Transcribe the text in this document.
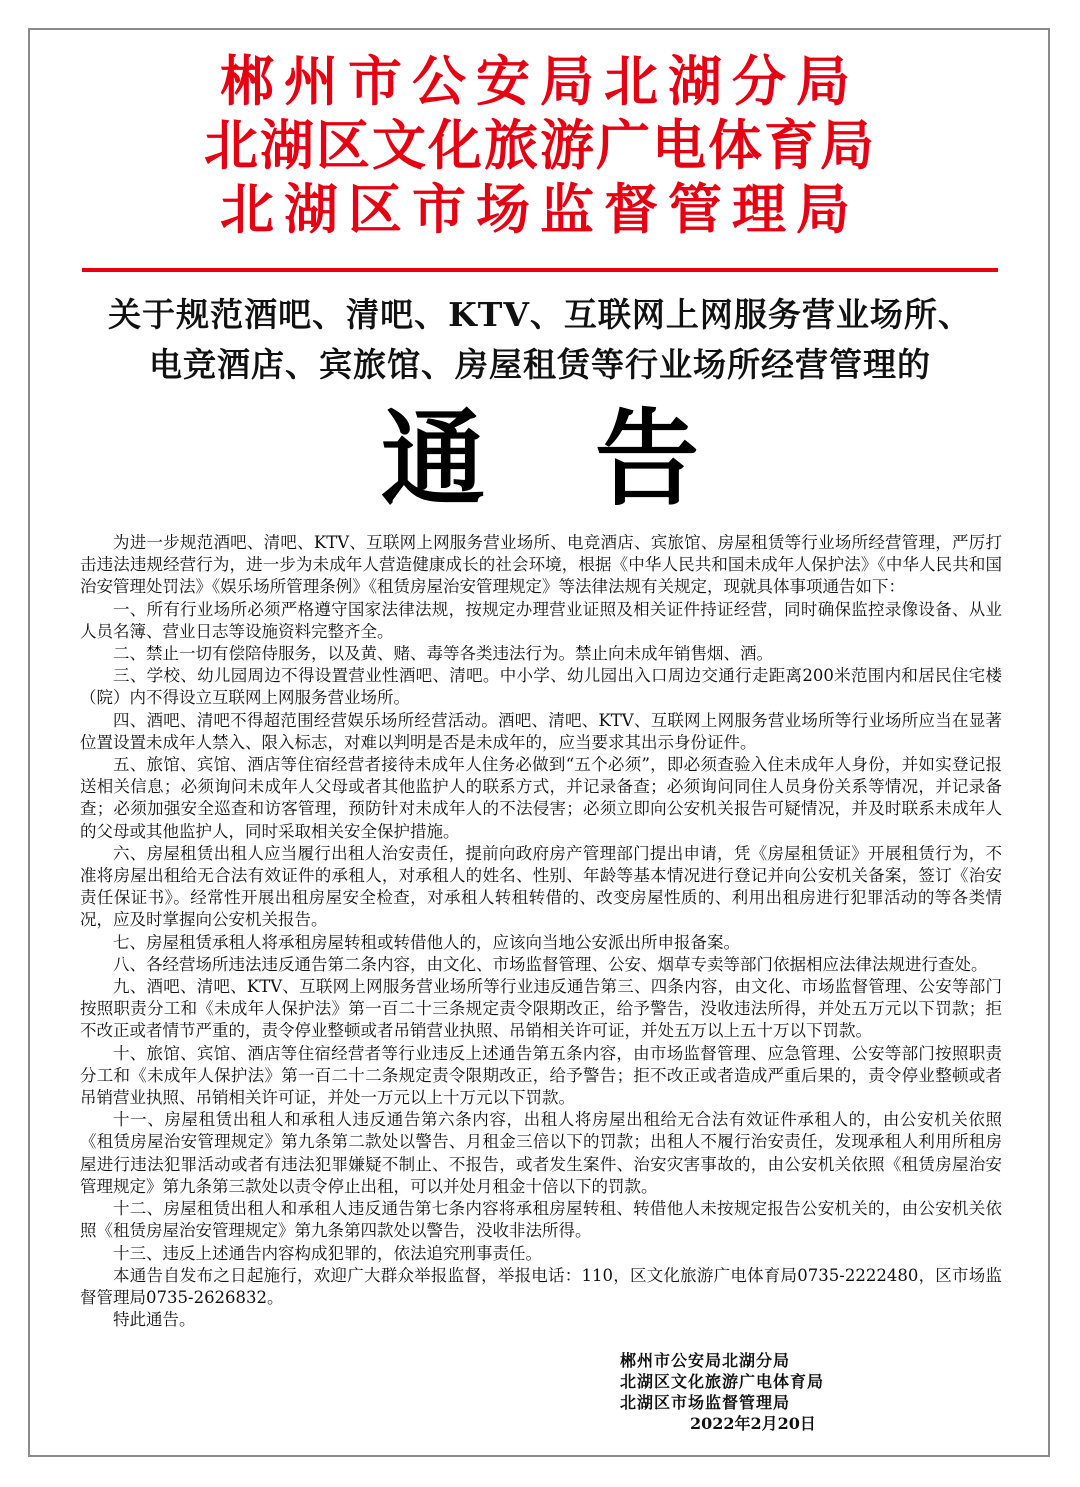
郴州市公安局北湖分局
北湖区文化旅游广电体育局
北湖区市场监督管理局
关于规范酒吧、清吧、KTV、互联网上网服务营业场所、
电竞酒店、宾旅馆、房屋租赁等行业场所经营管理的
通告

为进一步规范酒吧、清吧、KTV、互联网上网服务营业场所、电竞酒店、宾旅馆、房屋租赁等行业场所经营管理，严厉打击违法违规经营行为，进一步为未成年人营造健康成长的社会环境，根据《中华人民共和国未成年人保护法》《中华人民共和国治安管理处罚法》《娱乐场所管理条例》《租赁房屋治安管理规定》等法律法规有关规定，现就具体事项通告如下：

一、所有行业场所必须严格遵守国家法律法规，按规定办理营业证照及相关证件持证经营，同时确保监控录像设备、从业人员名簿、营业日志等设施资料完整齐全。

二、禁止一切有偿陪侍服务，以及黄、赌、毒等各类违法行为。禁止向未成年销售烟、酒。

三、学校、幼儿园周边不得设置营业性酒吧、清吧。中小学、幼儿园出入口周边交通行走距离200米范围内和居民住宅楼（院）内不得设立互联网上网服务营业场所。

四、酒吧、清吧不得超范围经营娱乐场所经营活动。酒吧、清吧、KTV、互联网上网服务营业场所等行业场所应当在显著位置设置未成年人禁入、限入标志，对难以判明是否是未成年的，应当要求其出示身份证件。

五、旅馆、宾馆、酒店等住宿经营者接待未成年人住务必做到“五个必须”，即必须查验入住未成年人身份，并如实登记报送相关信息；必须询问未成年人父母或者其他监护人的联系方式，并记录备查；必须询问同住人员身份关系等情况，并记录备查；必须加强安全巡查和访客管理，预防针对未成年人的不法侵害；必须立即向公安机关报告可疑情况，并及时联系未成年人的父母或其他监护人，同时采取相关安全保护措施。

六、房屋租赁出租人应当履行出租人治安责任，提前向政府房产管理部门提出申请，凭《房屋租赁证》开展租赁行为，不准将房屋出租给无合法有效证件的承租人，对承租人的姓名、性别、年龄等基本情况进行登记并向公安机关备案，签订《治安责任保证书》。经常性开展出租房屋安全检查，对承租人转租转借的、改变房屋性质的、利用出租房进行犯罪活动的等各类情况，应及时掌握向公安机关报告。

七、房屋租赁承租人将承租房屋转租或转借他人的，应该向当地公安派出所申报备案。

八、各经营场所违法违反通告第二条内容，由文化、市场监督管理、公安、烟草专卖等部门依据相应法律法规进行查处。

九、酒吧、清吧、KTV、互联网上网服务营业场所等行业违反通告第三、四条内容，由文化、市场监督管理、公安等部门按照职责分工和《未成年人保护法》第一百二十三条规定责令限期改正，给予警告，没收违法所得，并处五万元以下罚款；拒不改正或者情节严重的，责令停业整顿或者吊销营业执照、吊销相关许可证，并处五万以上五十万以下罚款。

十、旅馆、宾馆、酒店等住宿经营者等行业违反上述通告第五条内容，由市场监督管理、应急管理、公安等部门按照职责分工和《未成年人保护法》第一百二十二条规定责令限期改正，给予警告；拒不改正或者造成严重后果的，责令停业整顿或者吊销营业执照、吊销相关许可证，并处一万元以上十万元以下罚款。

十一、房屋租赁出租人和承租人违反通告第六条内容，出租人将房屋出租给无合法有效证件承租人的，由公安机关依照《租赁房屋治安管理规定》第九条第二款处以警告、月租金三倍以下的罚款；出租人不履行治安责任，发现承租人利用所租房屋进行违法犯罪活动或者有违法犯罪嫌疑不制止、不报告，或者发生案件、治安灾害事故的，由公安机关依照《租赁房屋治安管理规定》第九条第三款处以责令停止出租，可以并处月租金十倍以下的罚款。

十二、房屋租赁出租人和承租人违反通告第七条内容将承租房屋转租、转借他人未按规定报告公安机关的，由公安机关依照《租赁房屋治安管理规定》第九条第四款处以警告，没收非法所得。

十三、违反上述通告内容构成犯罪的，依法追究刑事责任。

本通告自发布之日起施行，欢迎广大群众举报监督，举报电话：110，区文化旅游广电体育局0735-2222480，区市场监督管理局0735-2626832。

特此通告。

郴州市公安局北湖分局
北湖区文化旅游广电体育局
北湖区市场监督管理局
2022年2月20日
